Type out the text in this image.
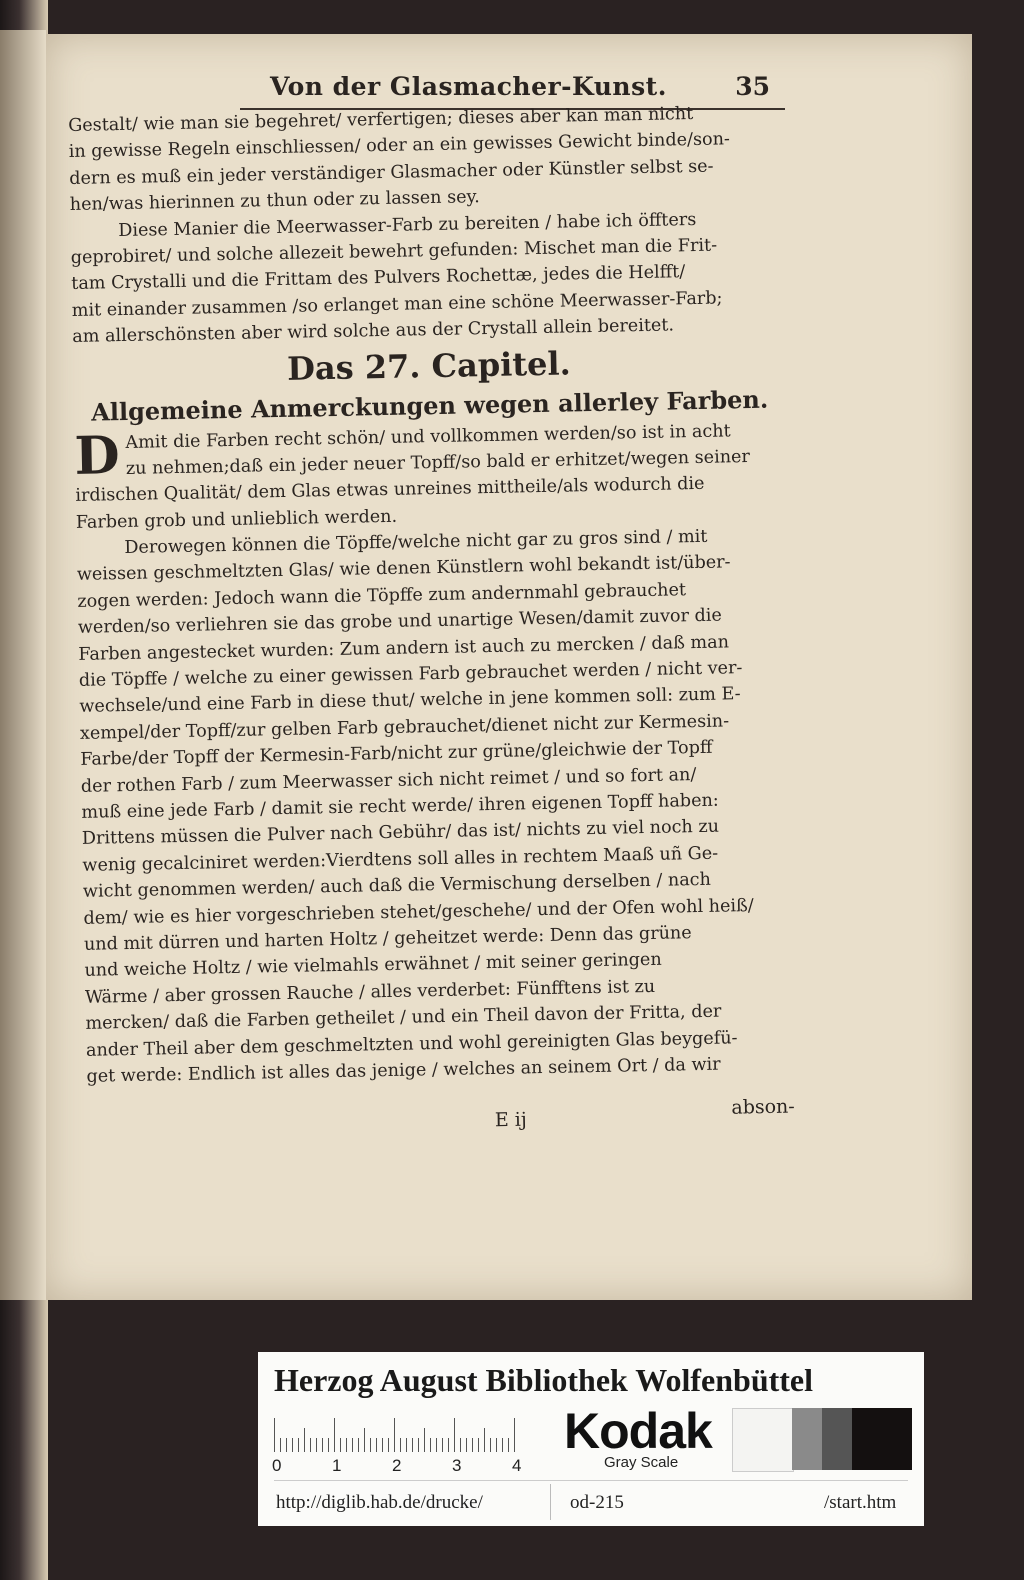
Von der Glasmacher-Kunst.	35
Gestalt/ wie man sie begehret/ verfertigen; dieses aber kan man nicht
in gewisse Regeln einschliessen/ oder an ein gewisses Gewicht binde/son-
dern es muß ein jeder verständiger Glasmacher oder Künstler selbst se-
hen/was hierinnen zu thun oder zu lassen sey.
Diese Manier die Meerwasser-Farb zu bereiten / habe ich öffters
geprobiret/ und solche allezeit bewehrt gefunden: Mischet man die Frit-
tam Crystalli und die Frittam des Pulvers Rochettæ, jedes die Helfft/
mit einander zusammen /so erlanget man eine schöne Meerwasser-Farb;
am allerschönsten aber wird solche aus der Crystall allein bereitet.
Das 27. Capitel.
Allgemeine Anmerckungen wegen allerley Farben.
D Amit die Farben recht schön/ und vollkommen werden/so ist in acht
zu nehmen;daß ein jeder neuer Topff/so bald er erhitzet/wegen seiner
irdischen Qualität/ dem Glas etwas unreines mittheile/als wodurch die
Farben grob und unlieblich werden.
Derowegen können die Töpffe/welche nicht gar zu gros sind / mit
weissen geschmeltzten Glas/ wie denen Künstlern wohl bekandt ist/über-
zogen werden: Jedoch wann die Töpffe zum andernmahl gebrauchet
werden/so verliehren sie das grobe und unartige Wesen/damit zuvor die
Farben angestecket wurden: Zum andern ist auch zu mercken / daß man
die Töpffe / welche zu einer gewissen Farb gebrauchet werden / nicht ver-
wechsele/und eine Farb in diese thut/ welche in jene kommen soll: zum E-
xempel/der Topff/zur gelben Farb gebrauchet/dienet nicht zur Kermesin-
Farbe/der Topff der Kermesin-Farb/nicht zur grüne/gleichwie der Topff
der rothen Farb / zum Meerwasser sich nicht reimet / und so fort an/
muß eine jede Farb / damit sie recht werde/ ihren eigenen Topff haben:
Drittens müssen die Pulver nach Gebühr/ das ist/ nichts zu viel noch zu
wenig gecalciniret werden:Vierdtens soll alles in rechtem Maaß uñ Ge-
wicht genommen werden/ auch daß die Vermischung derselben / nach
dem/ wie es hier vorgeschrieben stehet/geschehe/ und der Ofen wohl heiß/
und mit dürren und harten Holtz / geheitzet werde: Denn das grüne
und weiche Holtz / wie vielmahls erwähnet / mit seiner geringen
Wärme / aber grossen Rauche / alles verderbet: Fünfftens ist zu
mercken/ daß die Farben getheilet / und ein Theil davon der Fritta, der
ander Theil aber dem geschmeltzten und wohl gereinigten Glas beygefü-
get werde: Endlich ist alles das jenige / welches an seinem Ort / da wir
E ij
abson-
Herzog August Bibliothek Wolfenbüttel
0	1	2	3	4
Kodak
Gray Scale
http://diglib.hab.de/drucke/	od-215	/start.htm
